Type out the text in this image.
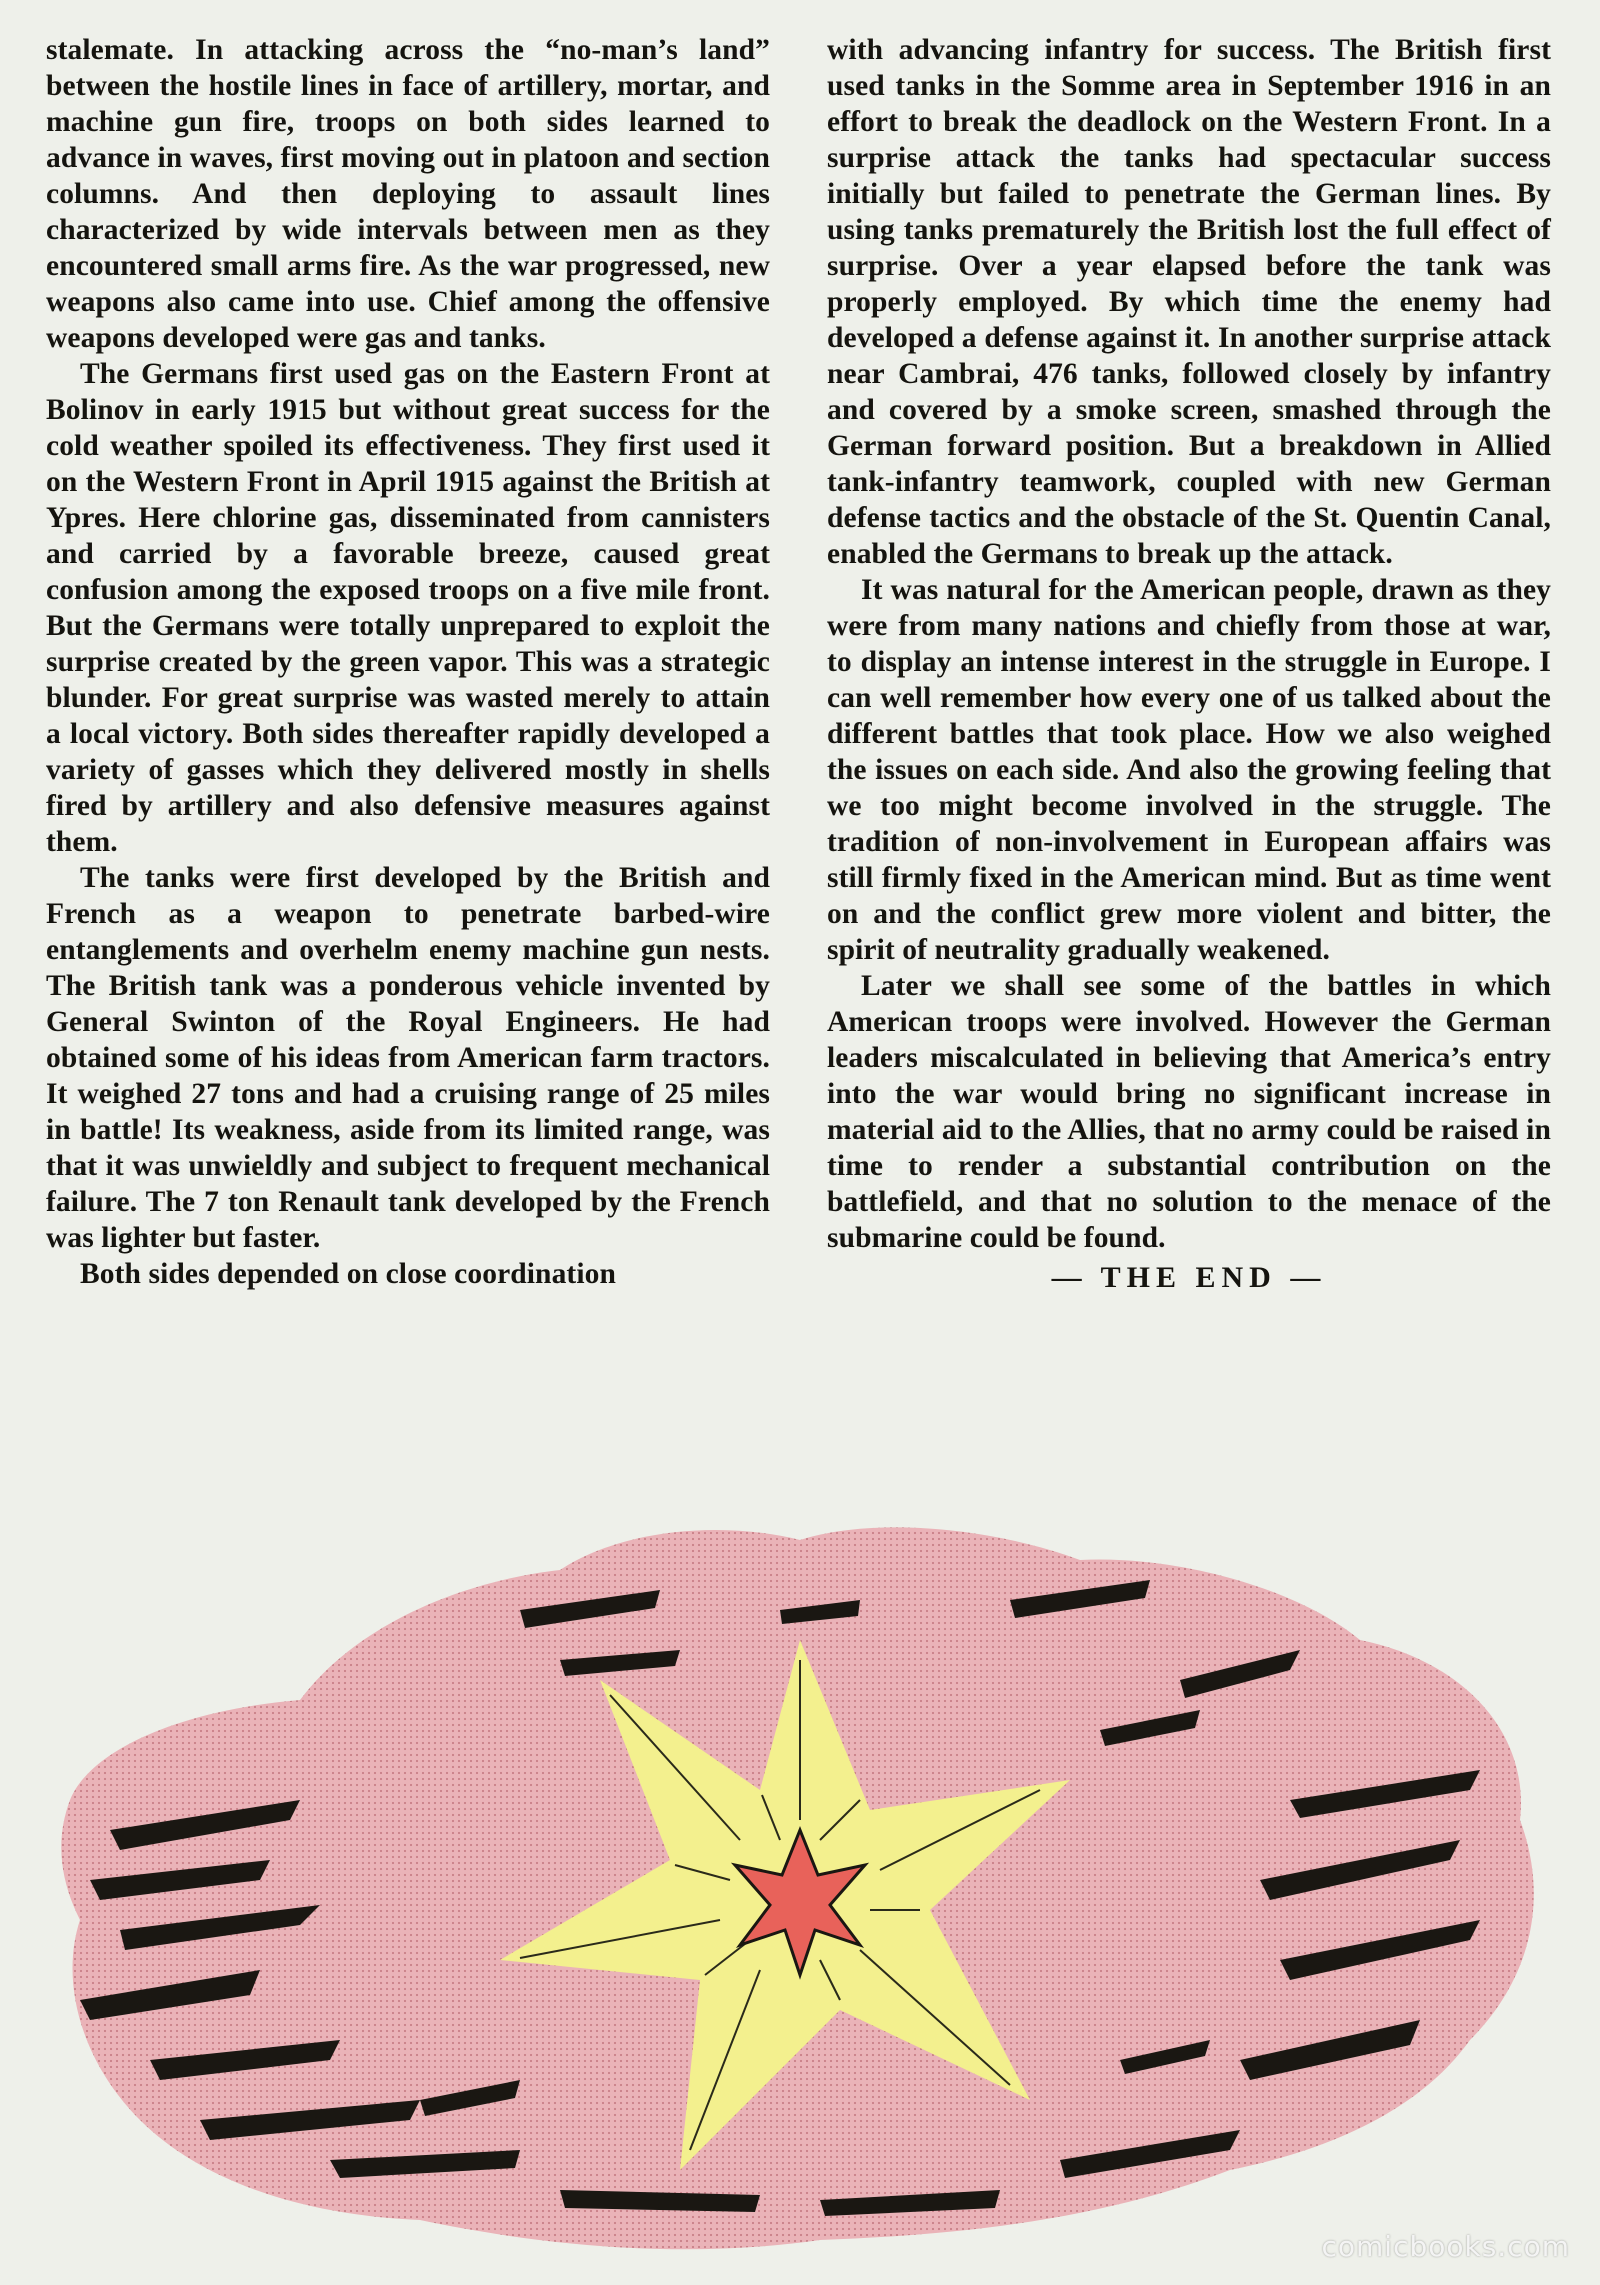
stalemate. In attacking across the “no-man’s land” between the hostile lines in face of artillery, mortar, and machine gun fire, troops on both sides learned to advance in waves, first moving out in platoon and section columns. And then deploying to assault lines characterized by wide intervals between men as they encountered small arms fire. As the war progressed, new weapons also came into use. Chief among the offensive weapons developed were gas and tanks.

The Germans first used gas on the Eastern Front at Bolinov in early 1915 but without great success for the cold weather spoiled its effectiveness. They first used it on the Western Front in April 1915 against the British at Ypres. Here chlorine gas, disseminated from cannisters and carried by a favorable breeze, caused great confusion among the exposed troops on a five mile front. But the Germans were totally unprepared to exploit the surprise created by the green vapor. This was a strategic blunder. For great surprise was wasted merely to attain a local victory. Both sides thereafter rapidly developed a variety of gasses which they delivered mostly in shells fired by artillery and also defensive measures against them.

The tanks were first developed by the British and French as a weapon to penetrate barbed-wire entanglements and overhelm enemy machine gun nests. The British tank was a ponderous vehicle invented by General Swinton of the Royal Engineers. He had obtained some of his ideas from American farm tractors. It weighed 27 tons and had a cruising range of 25 miles in battle! Its weakness, aside from its limited range, was that it was unwieldly and subject to frequent mechanical failure. The 7 ton Renault tank developed by the French was lighter but faster.

Both sides depended on close coordination

with advancing infantry for success. The British first used tanks in the Somme area in September 1916 in an effort to break the deadlock on the Western Front. In a surprise attack the tanks had spectacular success initially but failed to penetrate the German lines. By using tanks prematurely the British lost the full effect of surprise. Over a year elapsed before the tank was properly employed. By which time the enemy had developed a defense against it. In another surprise attack near Cambrai, 476 tanks, followed closely by infantry and covered by a smoke screen, smashed through the German forward position. But a breakdown in Allied tank-infantry teamwork, coupled with new German defense tactics and the obstacle of the St. Quentin Canal, enabled the Germans to break up the attack.

It was natural for the American people, drawn as they were from many nations and chiefly from those at war, to display an intense interest in the struggle in Europe. I can well remember how every one of us talked about the different battles that took place. How we also weighed the issues on each side. And also the growing feeling that we too might become involved in the struggle. The tradition of non-involvement in European affairs was still firmly fixed in the American mind. But as time went on and the conflict grew more violent and bitter, the spirit of neutrality gradually weakened.

Later we shall see some of the battles in which American troops were involved. However the German leaders miscalculated in believing that America’s entry into the war would bring no significant increase in material aid to the Allies, that no army could be raised in time to render a substantial contribution on the battlefield, and that no solution to the menace of the submarine could be found.

— THE END —
comicbooks.com
